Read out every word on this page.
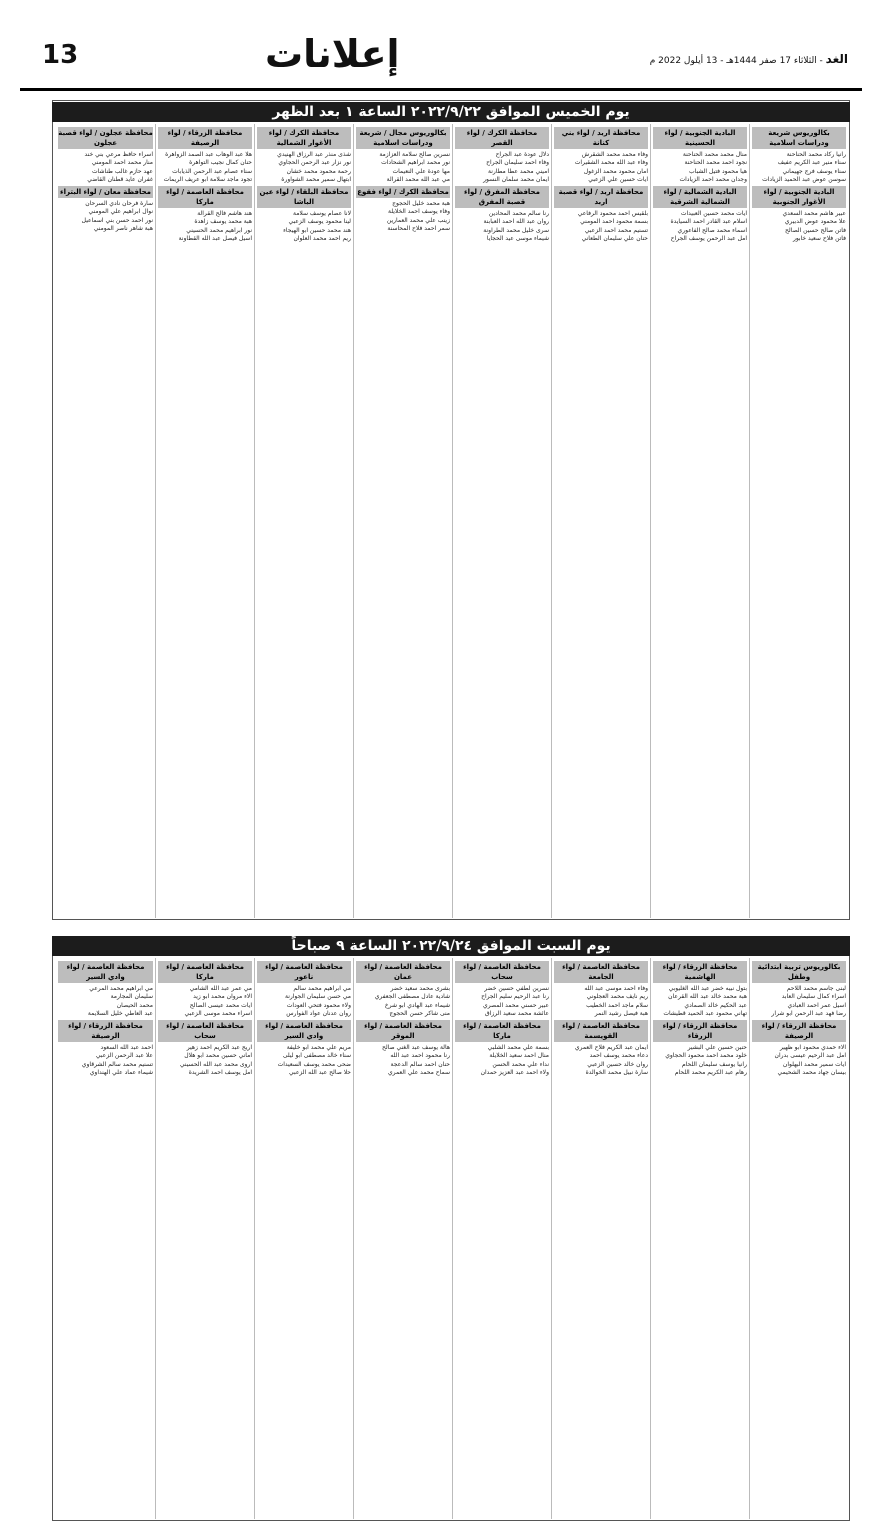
13	إعلانات	الغد - الثلاثاء 17 صفر 1444هـ - 13 أيلول 2022 م
يوم الخميس الموافق ٢٠٢٢/٩/٢٢ الساعة ١ بعد الظهر
بكالوريوس شريعة ودراسات اسلامية
رانيا ركاد محمد الحناحنة
سناء منير عبد الكريم عفيف
سناء يوسف فرج جهيماني
سوسن عوض عبد الحميد الزيادات
البادية الجنوبية / لواء الأغوار الجنوبية
عبير هاشم محمد السعدي
علا محمود عوض الدبيري
فاتن صالح حسين الصالح
فاتن فلاح سعيد خابور
البادية الجنوبية / لواء الحسينية
منال محمد محمد الحناحنة
نجود احمد محمد الحناحنة
هيا محمود فتيل الشباب
وجدان محمد احمد الزيادات
البادية الشمالية / لواء الشمالية الشرقية
آيات محمد حسين العبيدات
اسلام عبد القادر احمد السيايدة
اسماء محمد صالح الفاعوري
امل عبد الرحمن يوسف الجراح
محافظة اربد / لواء بني كنانة
وفاء محمد محمد الشقرش
وفاء عبد الله محمد الشقيرات
امان محمود محمد الزغول
ايات حسين علي الزعبي
محافظة اربد / لواء قصبة اربد
بلقيس احمد محمود الرفاعي
بسمة محمود احمد المومني
تسنيم محمد احمد الزعبي
حنان علي سليمان الطعاني
محافظة الكرك / لواء القصر
دلال عودة عبد الجراح
وفاء احمد سليمان الجراح
اميني محمد عطا مطارنة
ايمان محمد سلمان النسور
محافظة المفرق / لواء قصبة المفرق
رنا سالم محمد المحادين
روان عبد الله احمد العبابنة
سرى خليل محمد الطراونة
شيماء موسى عيد الحجايا
بكالوريوس مجال / شريعة ودراسات اسلامية
نسرين صالح سلامة العزازمة
نور محمد ابراهيم الشحادات
مها عودة علي النعيمات
مي عبد الله محمد القرالة
محافظة الكرك / لواء فقوع
هبة محمد خليل الحجوج
وفاء يوسف احمد الخلايلة
زينب علي محمد العمارين
سمر احمد فلاح المحاسنة
محافظة الكرك / لواء الأغوار الشمالية
شذى منذر عبد الرزاق الهنيدي
نور نزار عبد الرحمن الحجاوي
رحمة محمود محمد خشان
ابتهال سمير محمد الشواورة
محافظة البلقاء / لواء عين الباشا
لانا عصام يوسف سلامة
لينا محمود يوسف الزعبي
هند محمد حسين ابو الهيجاء
ريم احمد محمد العلوان
محافظة الزرقاء / لواء الرصيفة
هلا عبد الوهاب عبد الصمد الزواهرة
حنان كمال نجيب التواهرة
سناء عصام عبد الرحمن الذيابات
تجود ماجد سلامة ابو عريف الريمات
محافظة العاصمة / لواء ماركا
هند هاشم فالح القرالة
هبة محمد يوسف زاهدة
نور ابراهيم محمد الحسيني
اسيل فيصل عبد الله القطاونة
محافظة عجلون / لواء قصبة عجلون
اسراء حافظ مرعي بني خند
منار محمد احمد المومني
عهد حازم غالب طناشات
غفران عايد قطنان القاضي
محافظة معان / لواء البتراء
سارة فرحان نادي السرحان
نوال ابراهيم علي المومني
نور احمد حسن بني اسماعيل
هبة شاهر ناصر المومني
يوم السبت الموافق ٢٠٢٢/٩/٢٤ الساعة ٩ صباحاً
بكالوريوس تربية ابتدائية وطفل
لبنى جاسم محمد اللاحم
اسراء كمال سليمان العابد
اسيل عمر احمد العبادي
رضا فهد عبد الرحمن ابو شرار
محافظة الزرقاء / لواء الرصيفة
الاء حمدي محمود ابو ظهير
امل عبد الرحيم عيسى بدران
ايات سمير محمد البهلوان
بيسان جهاد محمد الشحيمي
محافظة الزرقاء / لواء الهاشمية
بتول نبيه خضر عبد الله الغليوبي
هبة محمد خالد عبد الله القرعان
عبد الحكيم خالد الصمادي
تهاني محمود عبد الحميد قطيشات
محافظة الزرقاء / لواء الزرقاء
حنين حسين علي البشير
خلود محمد احمد محمود الحجاوي
رانيا يوسف سليمان اللحام
رهام عبد الكريم محمد اللحام
محافظة العاصمة / لواء الجامعة
وفاء احمد موسى عبد الله
ريم نايف محمد العجلوني
سلام ماجد احمد الخطيب
هبة فيصل رشيد النمر
محافظة العاصمة / لواء القويسمة
ايمان عبد الكريم فلاح العمري
دعاء محمد يوسف احمد
روان خالد حسين الزعبي
سارة نبيل محمد الخوالدة
محافظة العاصمة / لواء سحاب
نسرين لطفي حسين خضر
رنا عبد الرحيم سليم الجراح
عبير حسني محمد المصري
عائشة محمد سعيد الرزاق
محافظة العاصمة / لواء ماركا
بسمة علي محمد الشلبي
منال احمد سعيد الخلايلة
نداء علي محمد الحسن
ولاء احمد عبد العزيز حمدان
محافظة العاصمة / لواء عمان
بشرى محمد سعيد خضر
شادية عادل مصطفى الجعفري
شيماء عبد الهادي ابو شرخ
منى شاكر حسن الحجوج
محافظة العاصمة / لواء الموقر
هالة يوسف عبد الغني صالح
رنا محمود احمد عبد الله
حنان احمد سالم الدعجة
سماح محمد علي العمري
محافظة العاصمة / لواء ناعور
مي ابراهيم محمد سالم
مي حسن سليمان الجوارنة
ولاء محمود فتحي العودات
روان عدنان عواد الفوارس
محافظة العاصمة / لواء وادي السير
مريم علي محمد ابو خليفة
سناء خالد مصطفى ابو ليلى
ضحى محمد يوسف السعيدات
حلا صالح عبد الله الزعبي
محافظة العاصمة / لواء ماركا
مي عمر عبد الله الشامي
الاء مروان محمد ابو زيد
ايات محمد عيسى الصالح
اسراء محمد موسى الزعبي
محافظة العاصمة / لواء سحاب
اريج عبد الكريم احمد زهير
اماني حسين محمد ابو هلال
اروى محمد عبد الله الحسيني
امل يوسف احمد الشريدة
محافظة العاصمة / لواء وادي السير
مي ابراهيم محمد المرعي
سليمان المجارمة
محمد الحيصان
عبد العاطي خليل السلايمة
محافظة الزرقاء / لواء الرصيفة
احمد عبد الله السعود
علا عبد الرحمن الزعبي
تسنيم محمد سالم الشرقاوي
شيماء عماد علي الهنداوي
